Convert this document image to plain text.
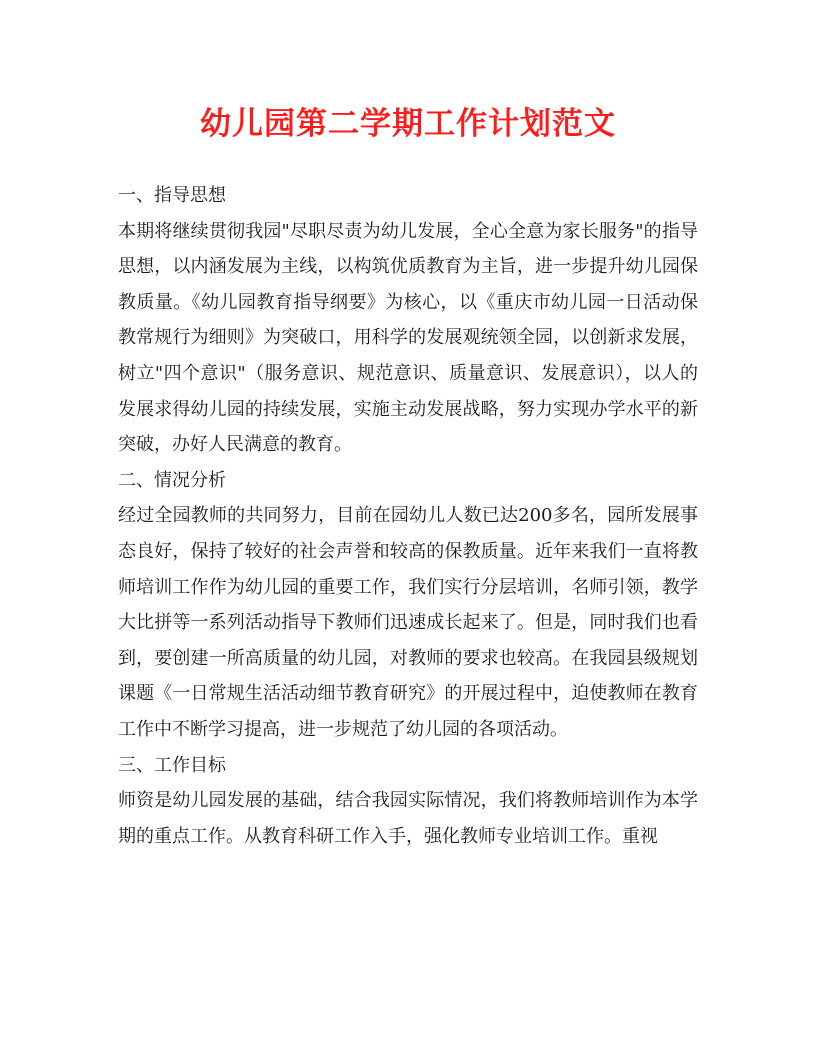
幼儿园第二学期工作计划范文

一、指导思想

本期将继续贯彻我园"尽职尽责为幼儿发展，全心全意为家长服务"的指导思想，以内涵发展为主线，以构筑优质教育为主旨，进一步提升幼儿园保教质量。《幼儿园教育指导纲要》为核心，以《重庆市幼儿园一日活动保教常规行为细则》为突破口，用科学的发展观统领全园，以创新求发展，树立"四个意识"（服务意识、规范意识、质量意识、发展意识），以人的发展求得幼儿园的持续发展，实施主动发展战略，努力实现办学水平的新突破，办好人民满意的教育。

二、情况分析

经过全园教师的共同努力，目前在园幼儿人数已达200多名，园所发展事态良好，保持了较好的社会声誉和较高的保教质量。近年来我们一直将教师培训工作作为幼儿园的重要工作，我们实行分层培训，名师引领，教学大比拼等一系列活动指导下教师们迅速成长起来了。但是，同时我们也看到，要创建一所高质量的幼儿园，对教师的要求也较高。在我园县级规划课题《一日常规生活活动细节教育研究》的开展过程中，迫使教师在教育工作中不断学习提高，进一步规范了幼儿园的各项活动。

三、工作目标

师资是幼儿园发展的基础，结合我园实际情况，我们将教师培训作为本学期的重点工作。从教育科研工作入手，强化教师专业培训工作。重视
